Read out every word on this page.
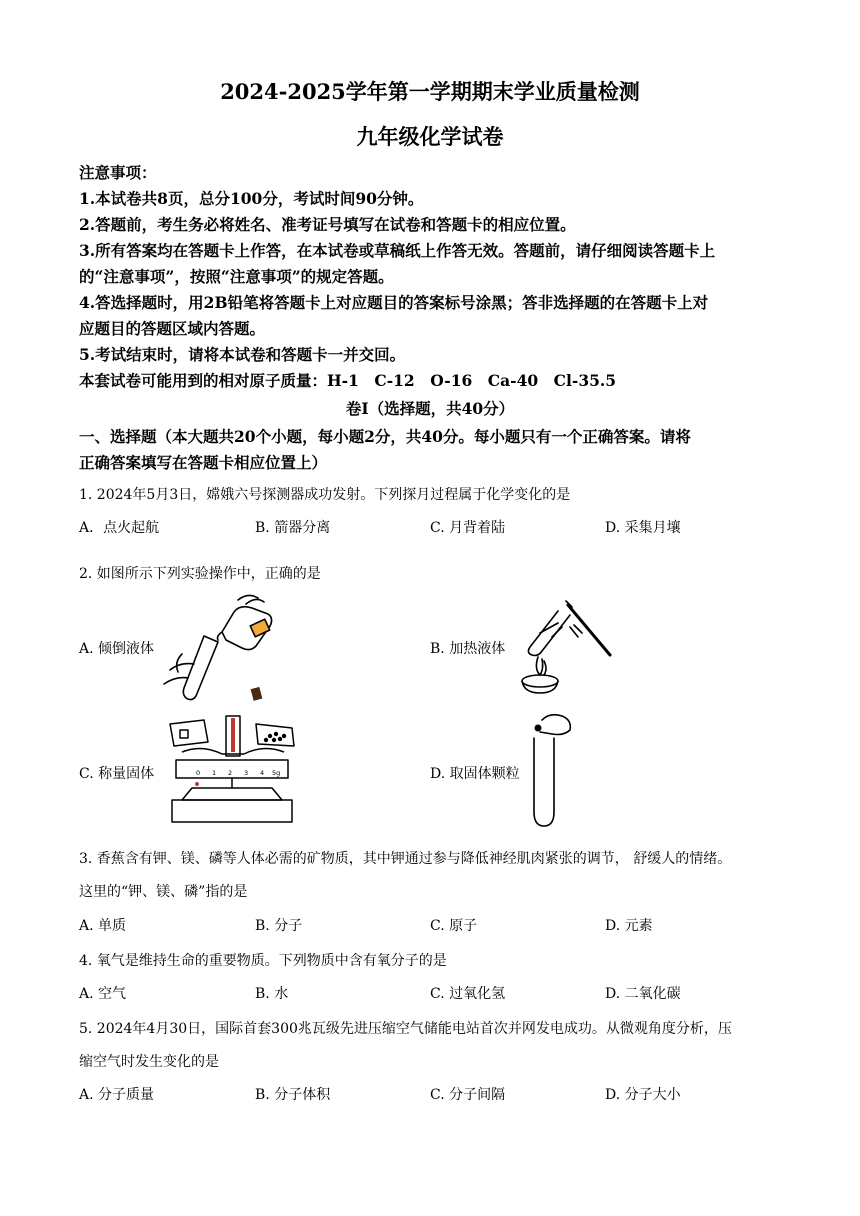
2024-2025学年第一学期期末学业质量检测
九年级化学试卷
注意事项：
1.本试卷共8页，总分100分，考试时间90分钟。
2.答题前，考生务必将姓名、准考证号填写在试卷和答题卡的相应位置。
3.所有答案均在答题卡上作答，在本试卷或草稿纸上作答无效。答题前，请仔细阅读答题卡上
的“注意事项”，按照“注意事项”的规定答题。
4.答选择题时，用2B铅笔将答题卡上对应题目的答案标号涂黑；答非选择题的在答题卡上对
应题目的答题区域内答题。
5.考试结束时，请将本试卷和答题卡一并交回。
本套试卷可能用到的相对原子质量：H-1　C-12　O-16　Ca-40　Cl-35.5
卷Ⅰ（选择题，共40分）
一、选择题（本大题共20个小题，每小题2分，共40分。每小题只有一个正确答案。请将
正确答案填写在答题卡相应位置上）
1. 2024年5月3日，嫦娥六号探测器成功发射。下列探月过程属于化学变化的是
A．点火起航	B. 箭器分离	C. 月背着陆	D. 采集月壤
2. 如图所示下列实验操作中，正确的是
A. 倾倒液体	B. 加热液体
C. 称量固体	D. 取固体颗粒
0 1 2 3 4 5g
3. 香蕉含有钾、镁、磷等人体必需的矿物质，其中钾通过参与降低神经肌肉紧张的调节， 舒缓人的情绪。
这里的“钾、镁、磷”指的是
A. 单质	B. 分子	C. 原子	D. 元素
4. 氧气是维持生命的重要物质。下列物质中含有氧分子的是
A. 空气	B. 水	C. 过氧化氢	D. 二氧化碳
5. 2024年4月30日，国际首套300兆瓦级先进压缩空气储能电站首次并网发电成功。从微观角度分析，压
缩空气时发生变化的是
A. 分子质量	B. 分子体积	C. 分子间隔	D. 分子大小
